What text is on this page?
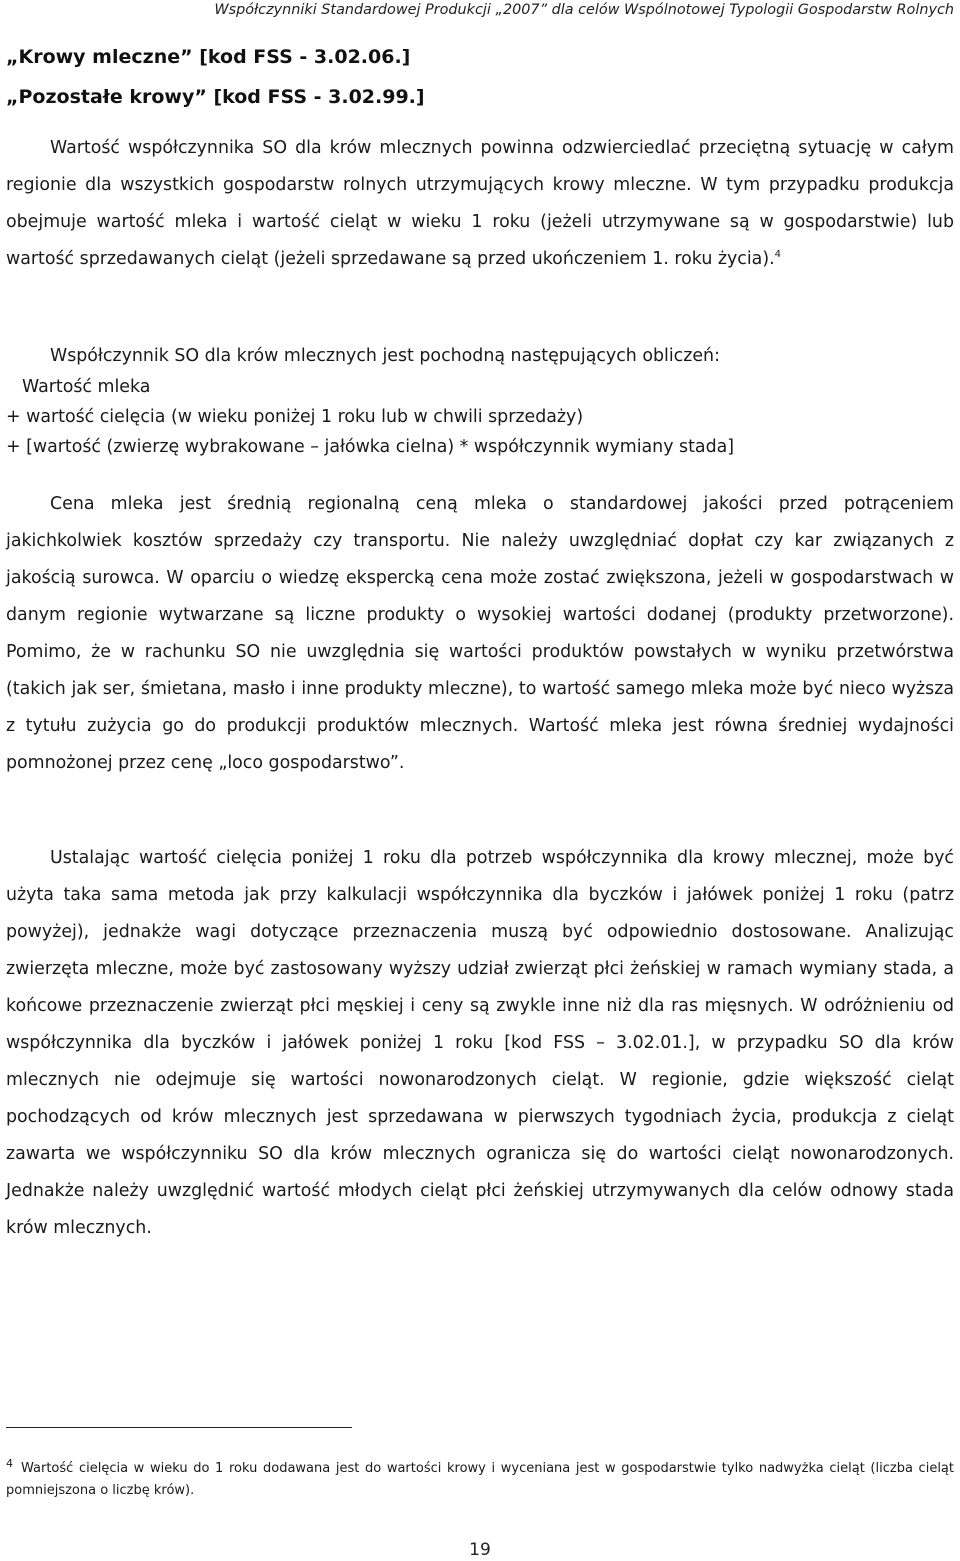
Współczynniki Standardowej Produkcji „2007” dla celów Wspólnotowej Typologii Gospodarstw Rolnych
„Krowy mleczne” [kod FSS - 3.02.06.]
„Pozostałe krowy” [kod FSS - 3.02.99.]
Wartość współczynnika SO dla krów mlecznych powinna odzwierciedlać przeciętną sytuację w całym regionie dla wszystkich gospodarstw rolnych utrzymujących krowy mleczne. W tym przypadku produkcja obejmuje wartość mleka i wartość cieląt w wieku 1 roku (jeżeli utrzymywane są w gospodarstwie) lub wartość sprzedawanych cieląt (jeżeli sprzedawane są przed ukończeniem 1. roku życia).$^4$
Współczynnik SO dla krów mlecznych jest pochodną następujących obliczeń:
Wartość mleka
+ wartość cielęcia (w wieku poniżej 1 roku lub w chwili sprzedaży)
+ [wartość (zwierzę wybrakowane – jałówka cielna) * współczynnik wymiany stada]
Cena mleka jest średnią regionalną ceną mleka o standardowej jakości przed potrąceniem jakichkolwiek kosztów sprzedaży czy transportu. Nie należy uwzględniać dopłat czy kar związanych z jakością surowca. W oparciu o wiedzę ekspercką cena może zostać zwiększona, jeżeli w gospodarstwach w danym regionie wytwarzane są liczne produkty o wysokiej wartości dodanej (produkty przetworzone). Pomimo, że w rachunku SO nie uwzględnia się wartości produktów powstałych w wyniku przetwórstwa (takich jak ser, śmietana, masło i inne produkty mleczne), to wartość samego mleka może być nieco wyższa z tytułu zużycia go do produkcji produktów mlecznych. Wartość mleka jest równa średniej wydajności pomnożonej przez cenę „loco gospodarstwo”.
Ustalając wartość cielęcia poniżej 1 roku dla potrzeb współczynnika dla krowy mlecznej, może być użyta taka sama metoda jak przy kalkulacji współczynnika dla byczków i jałówek poniżej 1 roku (patrz powyżej), jednakże wagi dotyczące przeznaczenia muszą być odpowiednio dostosowane. Analizując zwierzęta mleczne, może być zastosowany wyższy udział zwierząt płci żeńskiej w ramach wymiany stada, a końcowe przeznaczenie zwierząt płci męskiej i ceny są zwykle inne niż dla ras mięsnych. W odróżnieniu od współczynnika dla byczków i jałówek poniżej 1 roku [kod FSS – 3.02.01.], w przypadku SO dla krów mlecznych nie odejmuje się wartości nowonarodzonych cieląt. W regionie, gdzie większość cieląt pochodzących od krów mlecznych jest sprzedawana w pierwszych tygodniach życia, produkcja z cieląt zawarta we współczynniku SO dla krów mlecznych ogranicza się do wartości cieląt nowonarodzonych. Jednakże należy uwzględnić wartość młodych cieląt płci żeńskiej utrzymywanych dla celów odnowy stada krów mlecznych.
$^4$ Wartość cielęcia w wieku do 1 roku dodawana jest do wartości krowy i wyceniana jest w gospodarstwie tylko nadwyżka cieląt (liczba cieląt pomniejszona o liczbę krów).
19
